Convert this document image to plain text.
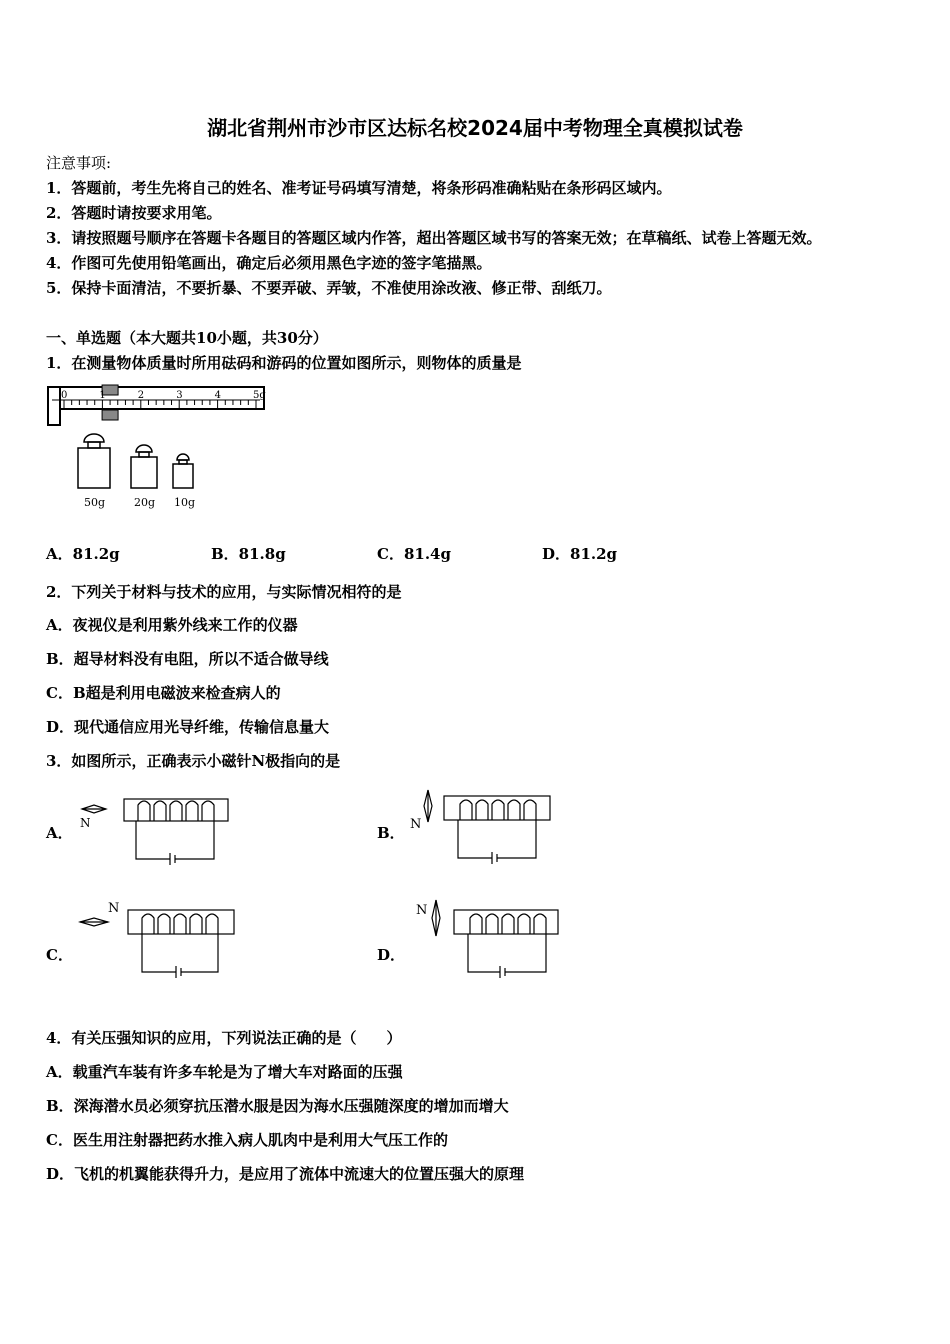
湖北省荆州市沙市区达标名校2024届中考物理全真模拟试卷
注意事项:
1．答题前，考生先将自己的姓名、准考证号码填写清楚，将条形码准确粘贴在条形码区域内。
2．答题时请按要求用笔。
3．请按照题号顺序在答题卡各题目的答题区域内作答，超出答题区域书写的答案无效；在草稿纸、试卷上答题无效。
4．作图可先使用铅笔画出，确定后必须用黑色字迹的签字笔描黑。
5．保持卡面清洁，不要折暴、不要弄破、弄皱，不准使用涂改液、修正带、刮纸刀。
一、单选题（本大题共10小题，共30分）
1．在测量物体质量时所用砝码和游码的位置如图所示，则物体的质量是
0	1	2	3	4	5g
50g	20g 10g
A．81.2g	B．81.8g	C．81.4g	D．81.2g
2．下列关于材料与技术的应用，与实际情况相符的是
A．夜视仪是利用紫外线来工作的仪器
B．超导材料没有电阻，所以不适合做导线
C．B超是利用电磁波来检查病人的
D．现代通信应用光导纤维，传输信息量大
3．如图所示，正确表示小磁针N极指向的是
A．
N
B． N
C．
N
D．
N
4．有关压强知识的应用，下列说法正确的是（　　）
A．载重汽车装有许多车轮是为了增大车对路面的压强
B．深海潜水员必须穿抗压潜水服是因为海水压强随深度的增加而增大
C．医生用注射器把药水推入病人肌肉中是利用大气压工作的
D．飞机的机翼能获得升力，是应用了流体中流速大的位置压强大的原理
